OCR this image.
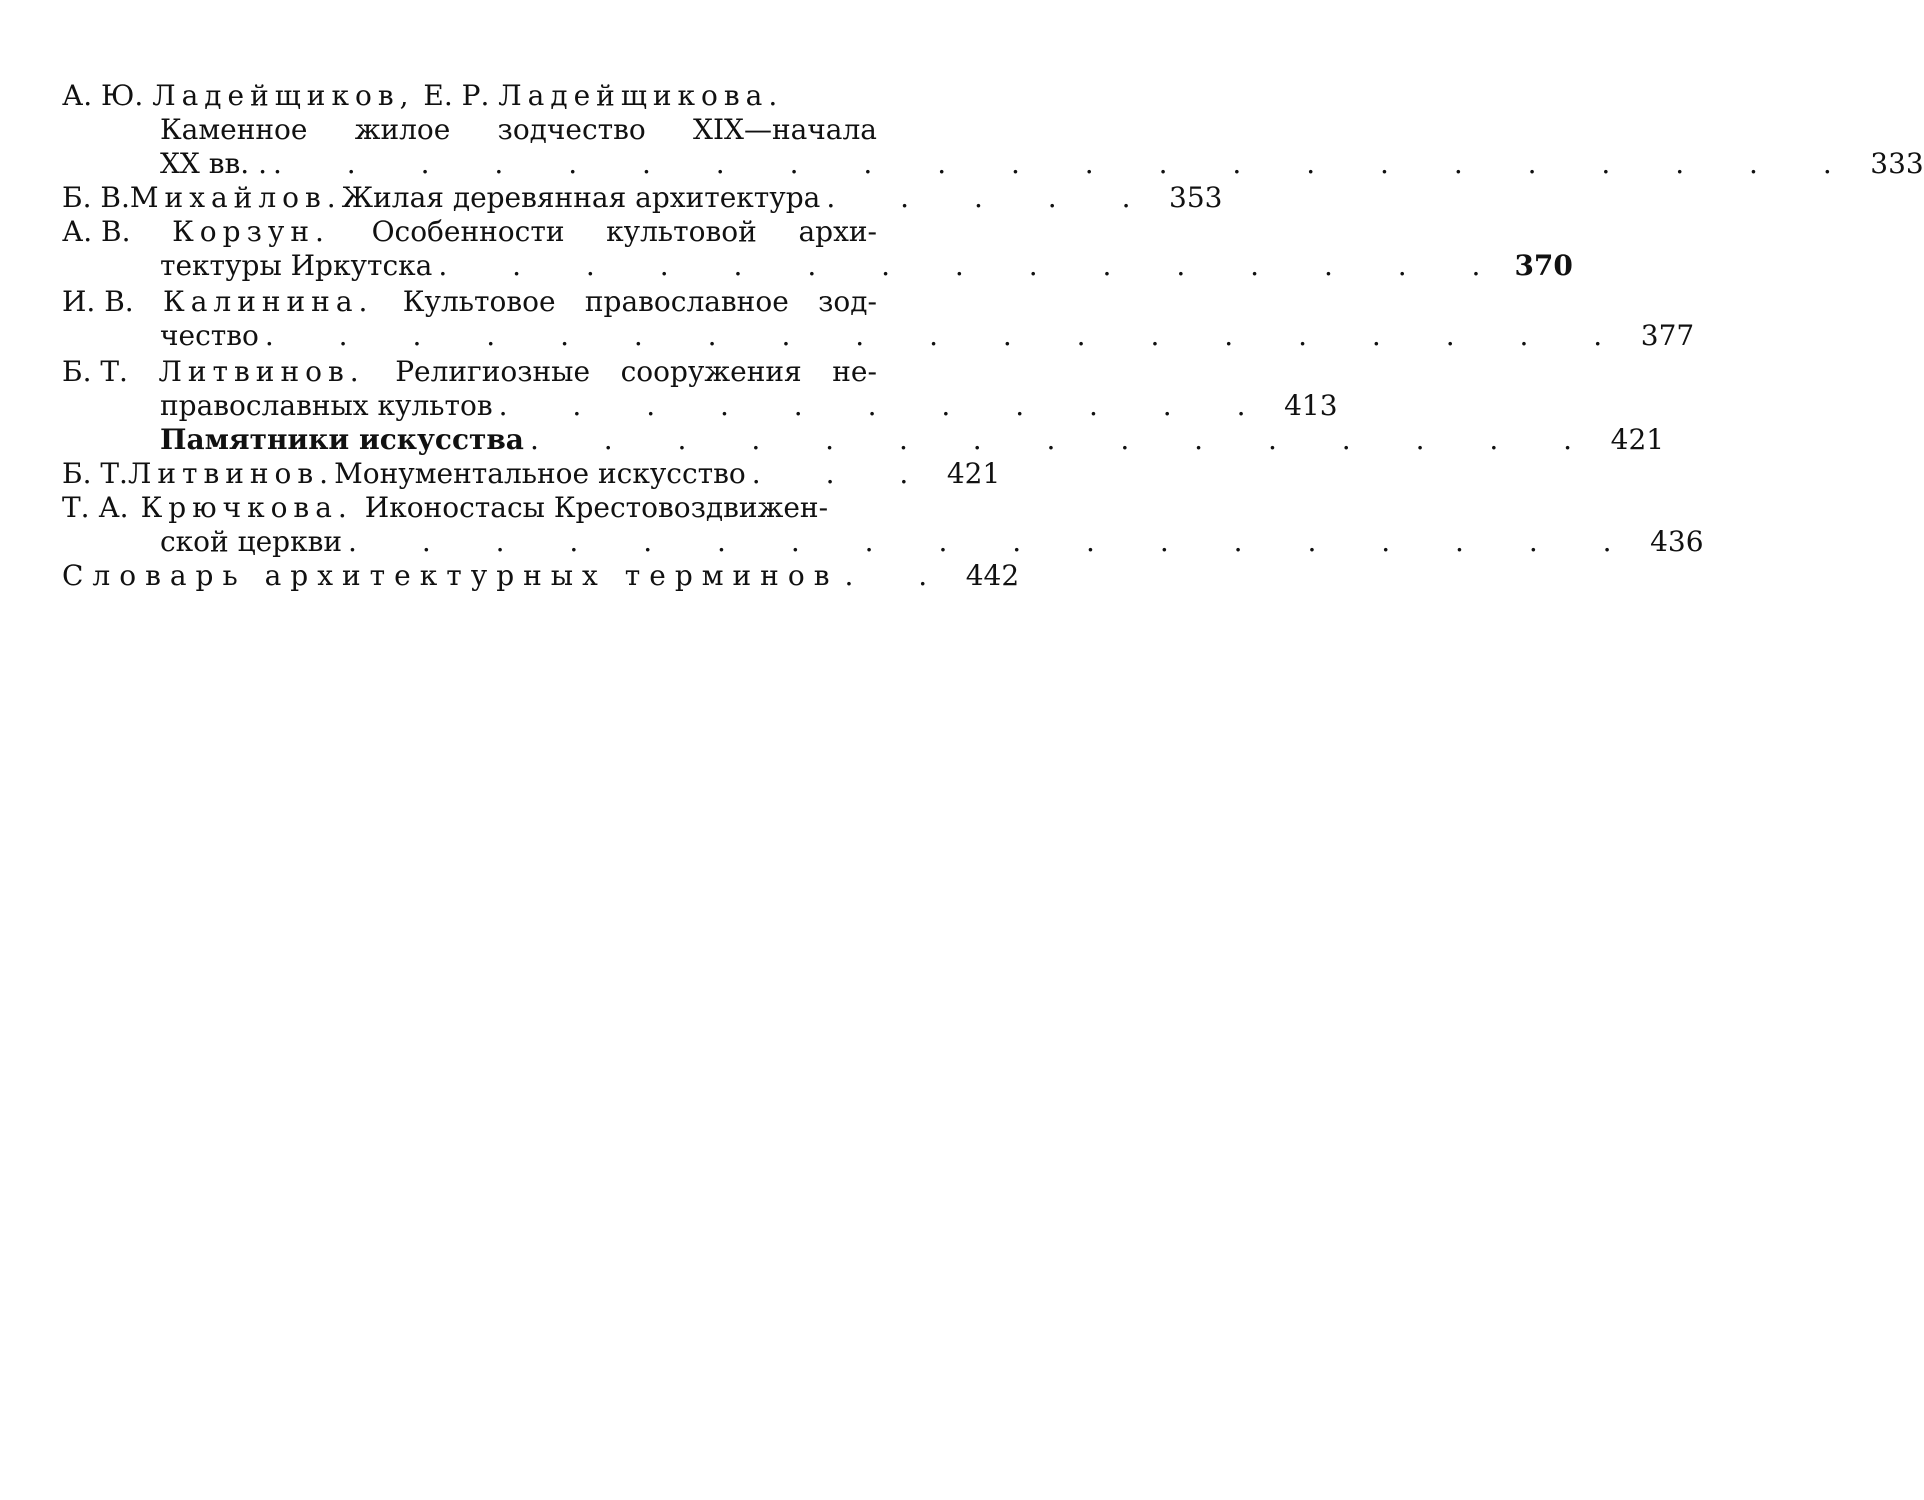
А. Ю. Ладейщиков, Е. Р. Ладейщикова.
Каменное жилое зодчество XIX—начала
XX вв. . . . . . . . . . . . . . . . . . . . . . . . 333
Б. В. Михайлов. Жилая деревянная архитектура . . . . . 353
А. В. Корзун. Особенности культовой архи-
тектуры Иркутска . . . . . . . . . . . . . . . 370
И. В. Калинина. Культовое православное зод-
чество . . . . . . . . . . . . . . . . . . . 377
Б. Т. Литвинов. Религиозные сооружения не-
православных культов . . . . . . . . . . . 413
Памятники искусства . . . . . . . . . . . . . . . 421
Б. Т. Литвинов. Монументальное искусство . . . 421
Т. А. Крючкова. Иконостасы Крестовоздвижен-
ской церкви . . . . . . . . . . . . . . . . . . 436
Словарь архитектурных терминов . . 442
